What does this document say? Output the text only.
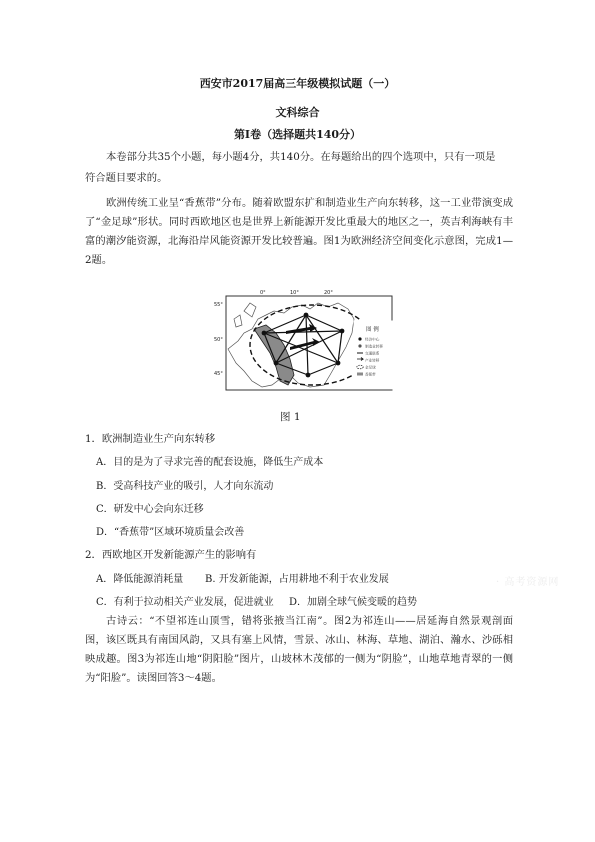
西安市2017届高三年级模拟试题（一）
文科综合
第Ⅰ卷（选择题共140分）
本卷部分共35个小题，每小题4分，共140分。在每题给出的四个选项中，只有一项是
符合题目要求的。
欧洲传统工业呈“香蕉带”分布。随着欧盟东扩和制造业生产向东转移，这一工业带演变成了“金足球”形状。同时西欧地区也是世界上新能源开发比重最大的地区之一，英吉利海峡有丰富的潮汐能资源，北海沿岸风能资源开发比较普遍。图1为欧洲经济空间变化示意图，完成1—2题。
图 例
经济中心
制造业转移
交通联系
产业转移
金足球
香蕉带
55°
50°
45°
0°	10°	20°
图 1
1．欧洲制造业生产向东转移
A．目的是为了寻求完善的配套设施，降低生产成本
B．受高科技产业的吸引，人才向东流动
C．研发中心会向东迁移
D．“香蕉带”区域环境质量会改善
2．西欧地区开发新能源产生的影响有
A．降低能源消耗量 B. 开发新能源，占用耕地不利于农业发展
C．有利于拉动相关产业发展，促进就业 D．加剧全球气候变暖的趋势
· 高考资源网
古诗云：“不望祁连山顶雪，错将张掖当江南”。图2为祁连山——居延海自然景观剖面图，该区既具有南国风韵，又具有塞上风情，雪景、冰山、林海、草地、湖泊、瀚水、沙砾相映成趣。图3为祁连山地“阴阳脸”图片，山坡林木茂郁的一侧为“阴脸”，山地草地青翠的一侧为“阳脸”。读图回答3～4题。
